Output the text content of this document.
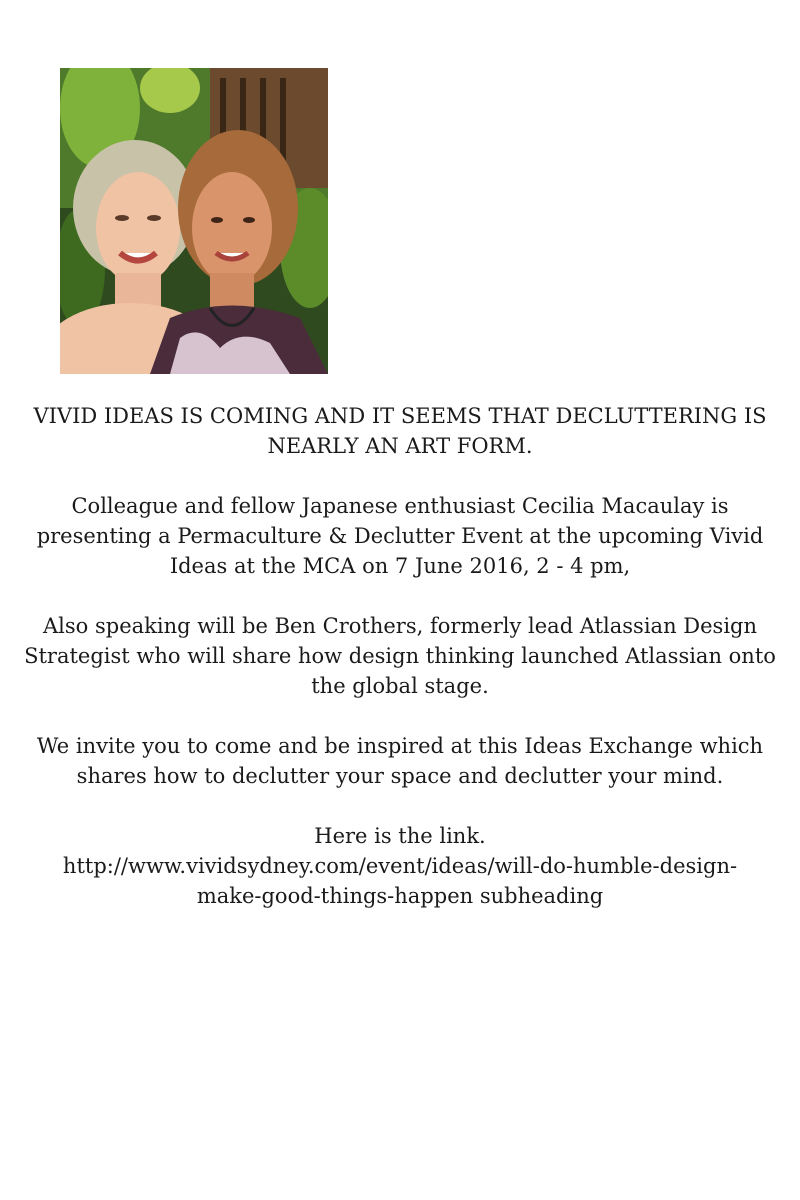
VIVID IDEAS IS COMING AND IT SEEMS THAT DECLUTTERING IS
NEARLY AN ART FORM.

Colleague and fellow Japanese enthusiast Cecilia Macaulay is
presenting a Permaculture & Declutter Event at the upcoming Vivid
Ideas at the MCA on 7 June 2016, 2 - 4 pm,

Also speaking will be Ben Crothers, formerly lead Atlassian Design
Strategist who will share how design thinking launched Atlassian onto
the global stage.

We invite you to come and be inspired at this Ideas Exchange which
shares how to declutter your space and declutter your mind.

Here is the link.
http://www.vividsydney.com/event/ideas/will-do-humble-design-
make-good-things-happen subheading
